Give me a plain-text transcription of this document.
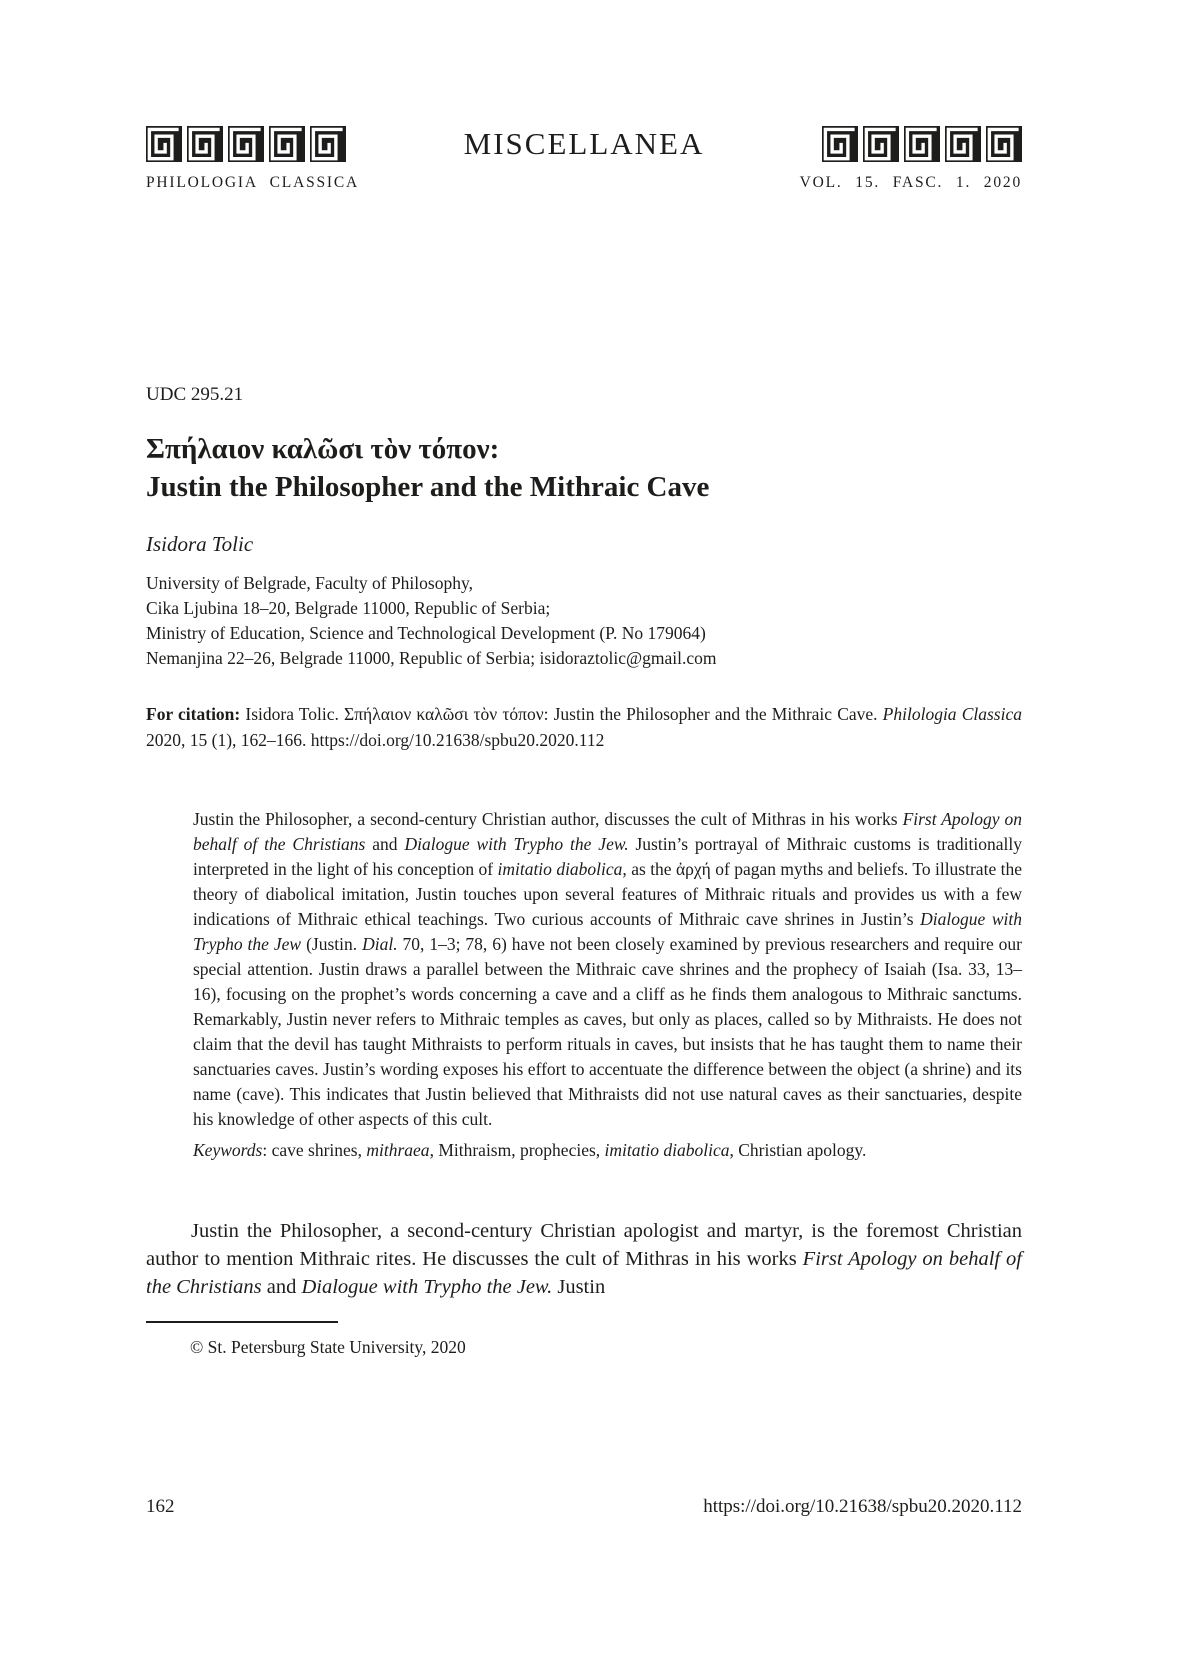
MISCELLANEA
PHILOLOGIA CLASSICA	VOL. 15. FASC. 1. 2020
UDC 295.21
Σπήλαιον καλῶσι τὸν τόπον:
Justin the Philosopher and the Mithraic Cave
Isidora Tolic
University of Belgrade, Faculty of Philosophy,
Cika Ljubina 18–20, Belgrade 11000, Republic of Serbia;
Ministry of Education, Science and Technological Development (P. No 179064)
Nemanjina 22–26, Belgrade 11000, Republic of Serbia; isidoraztolic@gmail.com
For citation: Isidora Tolic. Σπήλαιον καλῶσι τὸν τόπον: Justin the Philosopher and the Mithraic Cave. Philologia Classica 2020, 15 (1), 162–166. https://doi.org/10.21638/spbu20.2020.112
Justin the Philosopher, a second-century Christian author, discusses the cult of Mithras in his works First Apology on behalf of the Christians and Dialogue with Trypho the Jew. Justin’s portrayal of Mithraic customs is traditionally interpreted in the light of his conception of imitatio diabolica, as the ἀρχή of pagan myths and beliefs. To illustrate the theory of diabolical imitation, Justin touches upon several features of Mithraic rituals and provides us with a few indications of Mithraic ethical teachings. Two curious accounts of Mithraic cave shrines in Justin’s Dialogue with Trypho the Jew (Justin. Dial. 70, 1–3; 78, 6) have not been closely examined by previous researchers and require our special attention. Justin draws a parallel between the Mithraic cave shrines and the prophecy of Isaiah (Isa. 33, 13–16), focusing on the prophet’s words concerning a cave and a cliff as he finds them analogous to Mithraic sanctums. Remarkably, Justin never refers to Mithraic temples as caves, but only as places, called so by Mithraists. He does not claim that the devil has taught Mithraists to perform rituals in caves, but insists that he has taught them to name their sanctuaries caves. Justin’s wording exposes his effort to accentuate the difference between the object (a shrine) and its name (cave). This indicates that Justin believed that Mithraists did not use natural caves as their sanctuaries, despite his knowledge of other aspects of this cult.
Keywords: cave shrines, mithraea, Mithraism, prophecies, imitatio diabolica, Christian apology.
Justin the Philosopher, a second-century Christian apologist and martyr, is the foremost Christian author to mention Mithraic rites. He discusses the cult of Mithras in his works First Apology on behalf of the Christians and Dialogue with Trypho the Jew. Justin
© St. Petersburg State University, 2020
162	https://doi.org/10.21638/spbu20.2020.112
